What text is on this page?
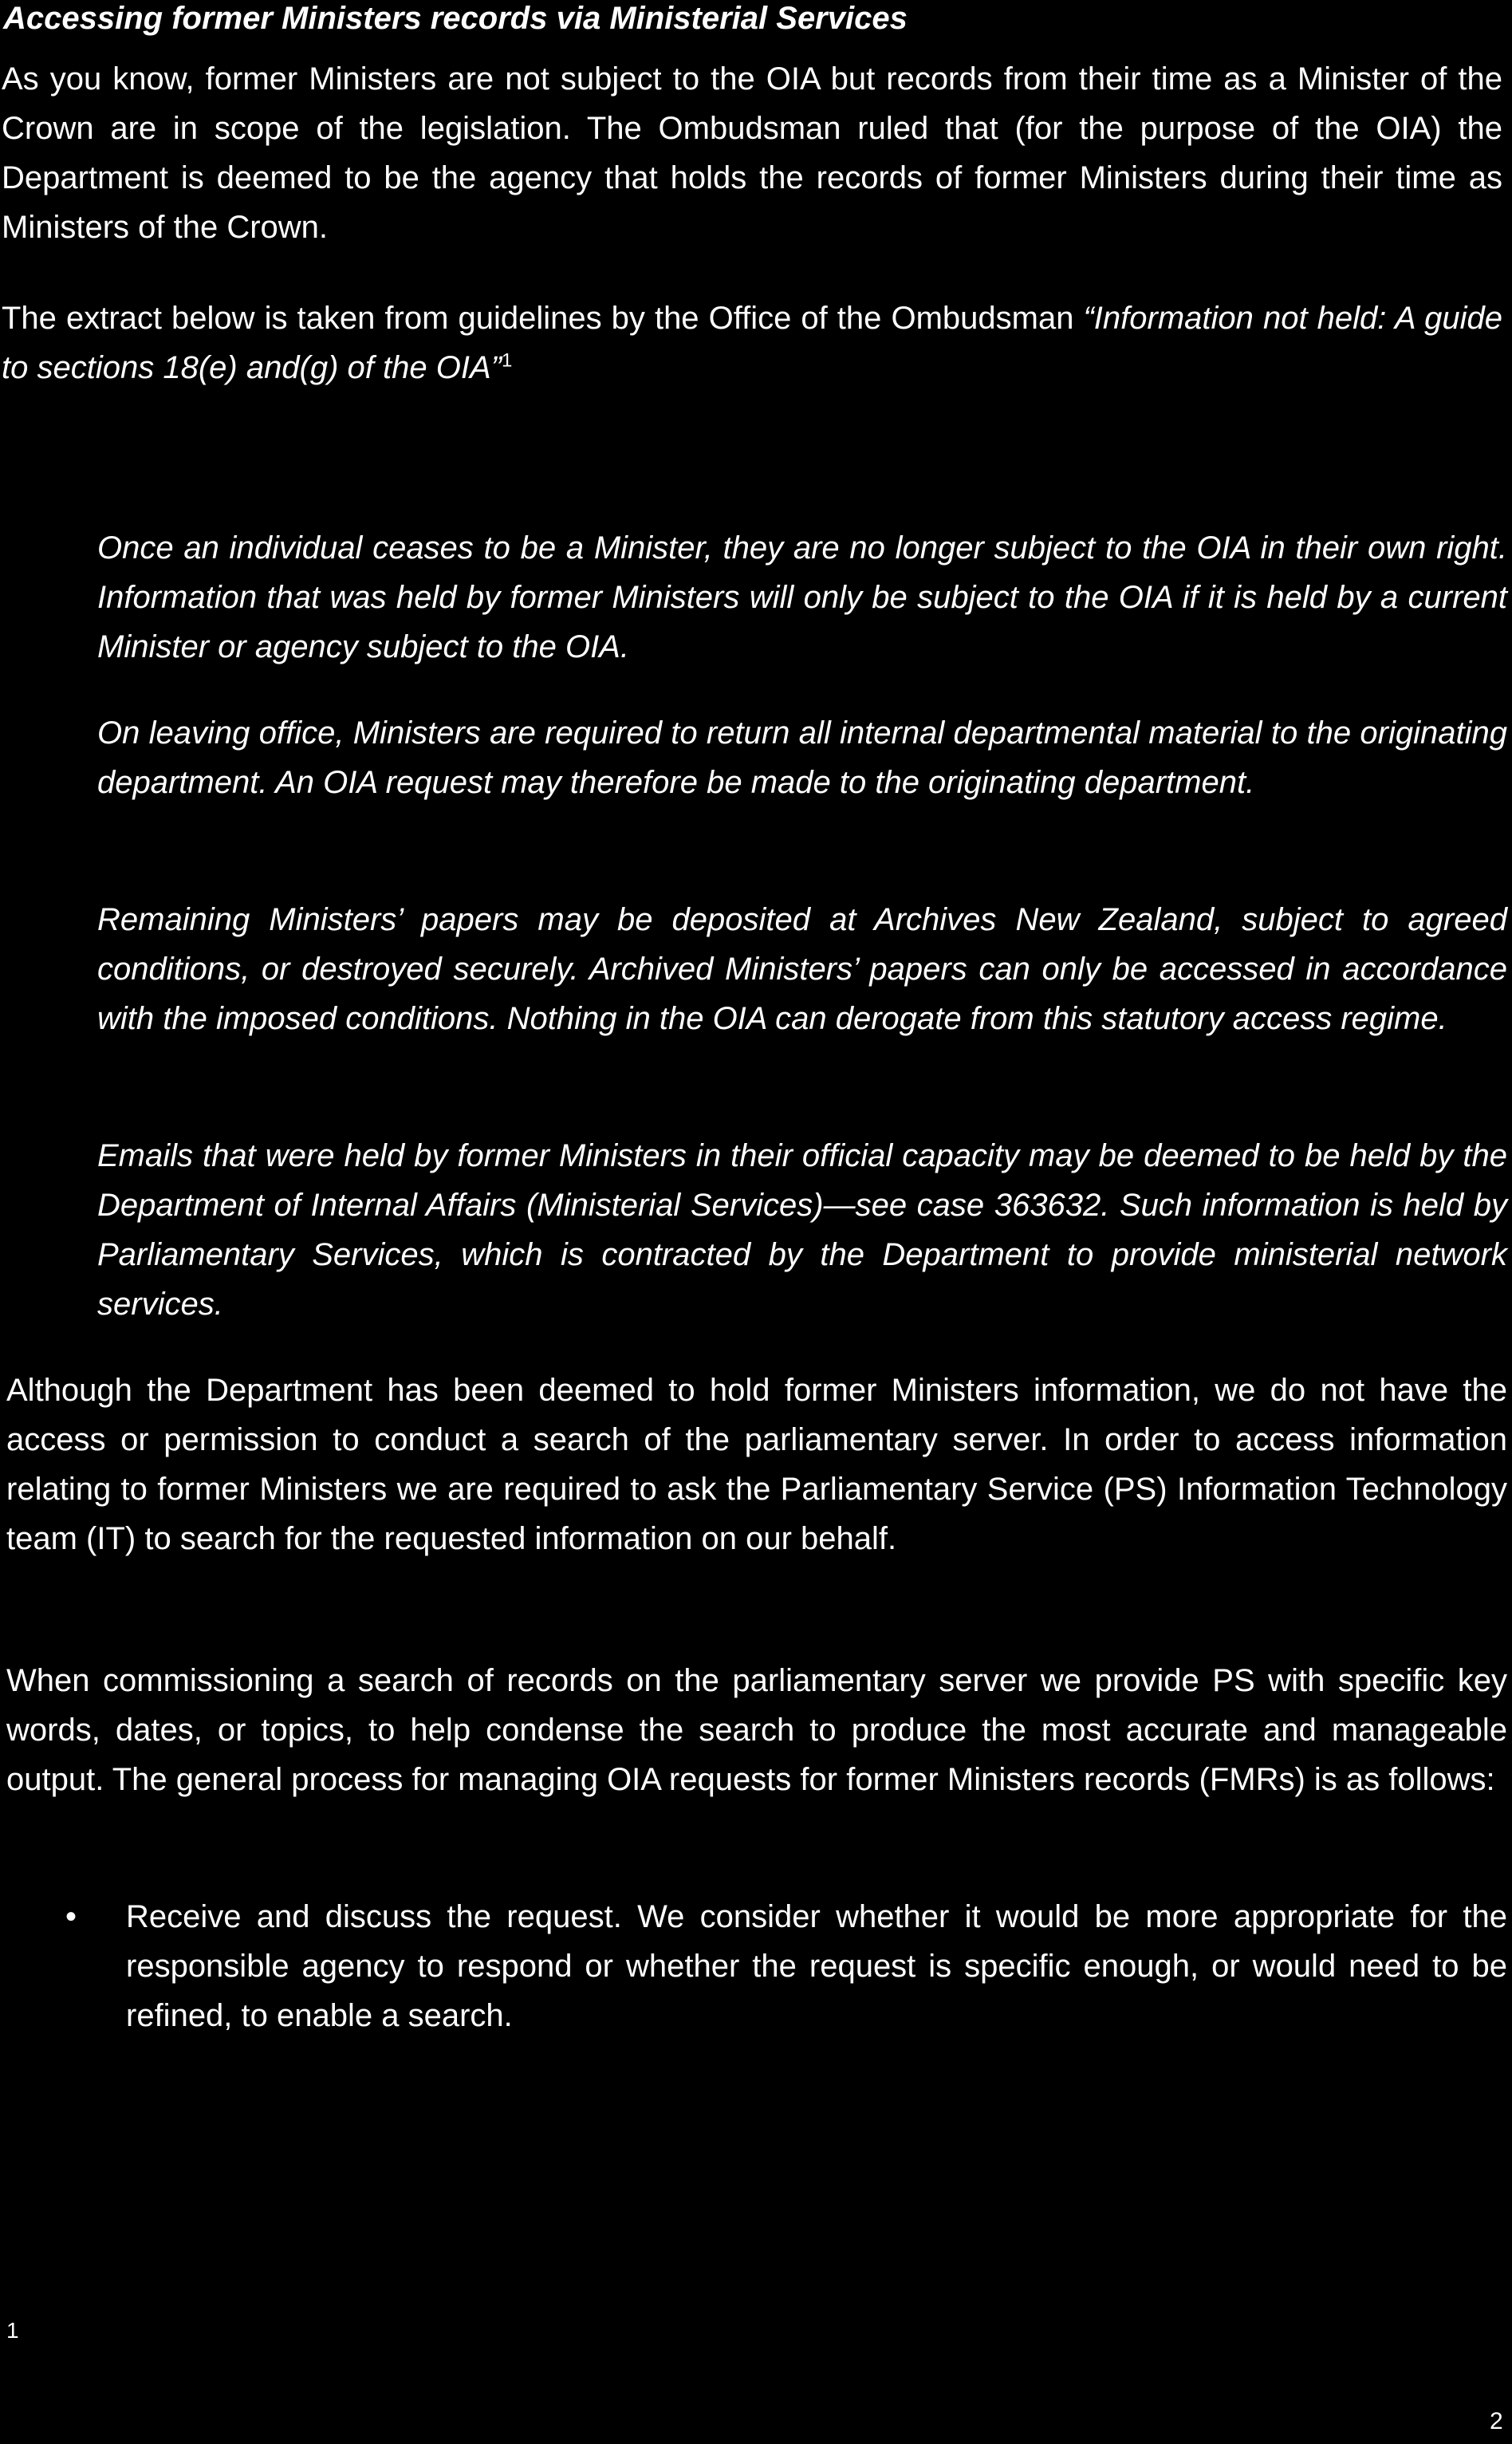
Accessing former Ministers records via Ministerial Services

As you know, former Ministers are not subject to the OIA but records from their time as a Minister of the Crown are in scope of the legislation. The Ombudsman ruled that (for the purpose of the OIA) the Department is deemed to be the agency that holds the records of former Ministers during their time as Ministers of the Crown.

The extract below is taken from guidelines by the Office of the Ombudsman “Information not held: A guide to sections 18(e) and(g) of the OIA”$^1$

Once an individual ceases to be a Minister, they are no longer subject to the OIA in their own right. Information that was held by former Ministers will only be subject to the OIA if it is held by a current Minister or agency subject to the OIA.

On leaving office, Ministers are required to return all internal departmental material to the originating department. An OIA request may therefore be made to the originating department.

Remaining Ministers’ papers may be deposited at Archives New Zealand, subject to agreed conditions, or destroyed securely. Archived Ministers’ papers can only be accessed in accordance with the imposed conditions. Nothing in the OIA can derogate from this statutory access regime.

Emails that were held by former Ministers in their official capacity may be deemed to be held by the Department of Internal Affairs (Ministerial Services)—see case 363632. Such information is held by Parliamentary Services, which is contracted by the Department to provide ministerial network services.

Although the Department has been deemed to hold former Ministers information, we do not have the access or permission to conduct a search of the parliamentary server. In order to access information relating to former Ministers we are required to ask the Parliamentary Service (PS) Information Technology team (IT) to search for the requested information on our behalf.

When commissioning a search of records on the parliamentary server we provide PS with specific key words, dates, or topics, to help condense the search to produce the most accurate and manageable output. The general process for managing OIA requests for former Ministers records (FMRs) is as follows:

• Receive and discuss the request. We consider whether it would be more appropriate for the responsible agency to respond or whether the request is specific enough, or would need to be refined, to enable a search.
1
2
